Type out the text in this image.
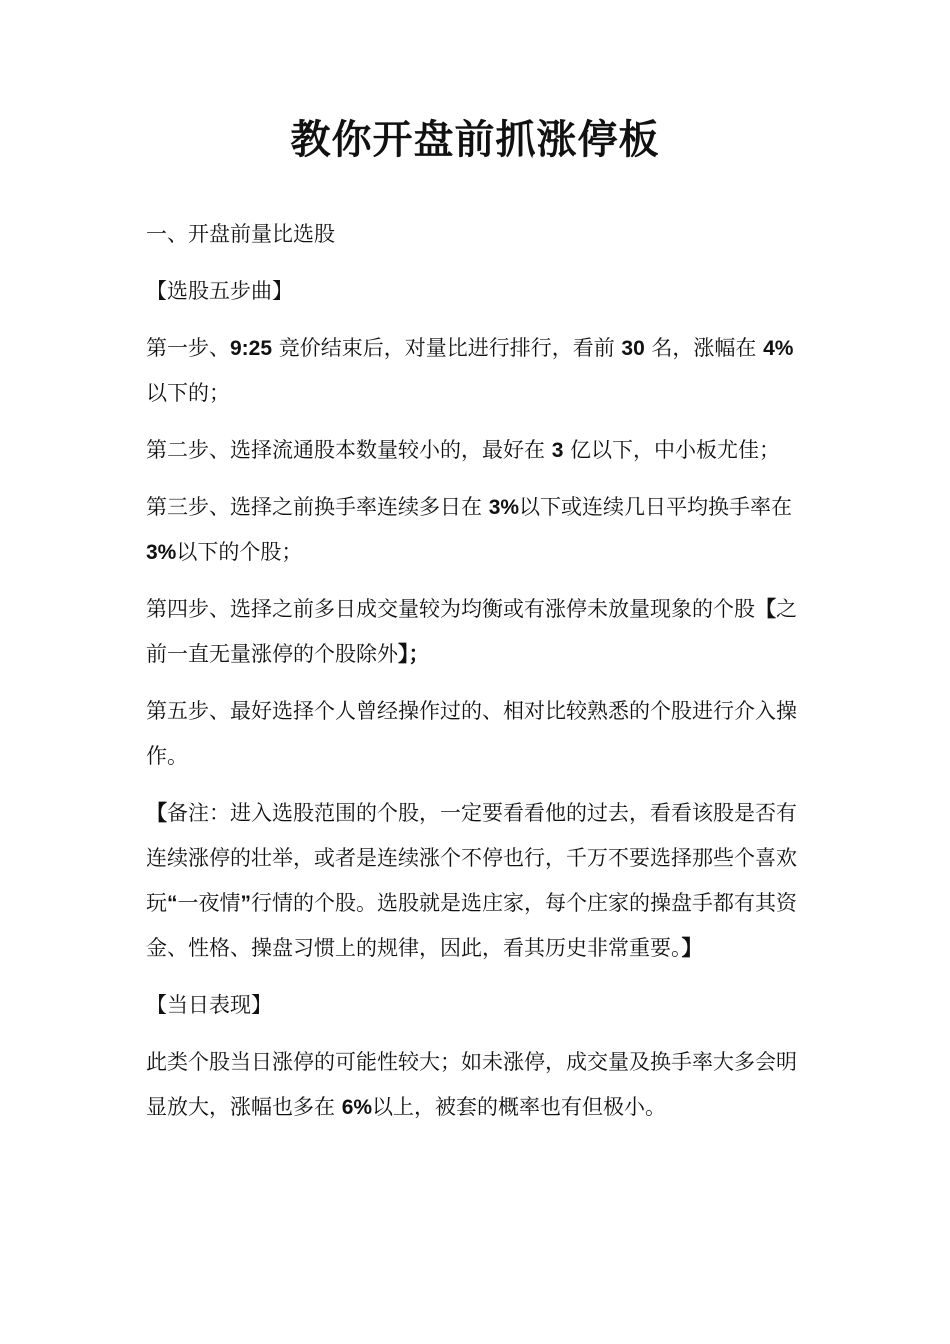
教你开盘前抓涨停板

一、开盘前量比选股

【选股五步曲】

第一步、9:25 竞价结束后，对量比进行排行，看前 30 名，涨幅在 4%
以下的；

第二步、选择流通股本数量较小的，最好在 3 亿以下，中小板尤佳；

第三步、选择之前换手率连续多日在 3%以下或连续几日平均换手率在
3%以下的个股；

第四步、选择之前多日成交量较为均衡或有涨停未放量现象的个股【之前一直无量涨停的个股除外】；

第五步、最好选择个人曾经操作过的、相对比较熟悉的个股进行介入操作。

【备注：进入选股范围的个股，一定要看看他的过去，看看该股是否有连续涨停的壮举，或者是连续涨个不停也行，千万不要选择那些个喜欢玩“一夜情”行情的个股。选股就是选庄家，每个庄家的操盘手都有其资金、性格、操盘习惯上的规律，因此，看其历史非常重要。】

【当日表现】

此类个股当日涨停的可能性较大；如未涨停，成交量及换手率大多会明显放大，涨幅也多在 6%以上，被套的概率也有但极小。
